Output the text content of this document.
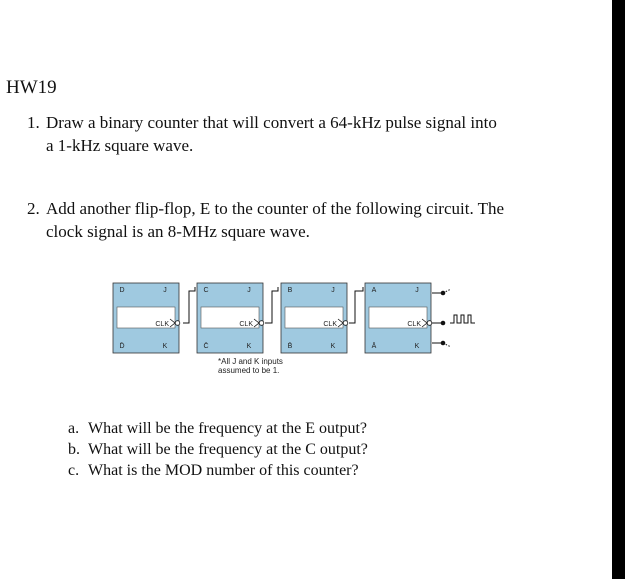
HW19
1. Draw a binary counter that will convert a 64-kHz pulse signal into
a 1-kHz square wave.
2. Add another flip-flop, E to the counter of the following circuit. The
clock signal is an 8-MHz square wave.
D	J
D̄	K
CLK
C	J
C̄	K
CLK
B	J
B̄	K
CLK
A	J
Ā	K
CLK
*All J and K inputs
assumed to be 1.
a. What will be the frequency at the E output?
b. What will be the frequency at the C output?
c. What is the MOD number of this counter?
